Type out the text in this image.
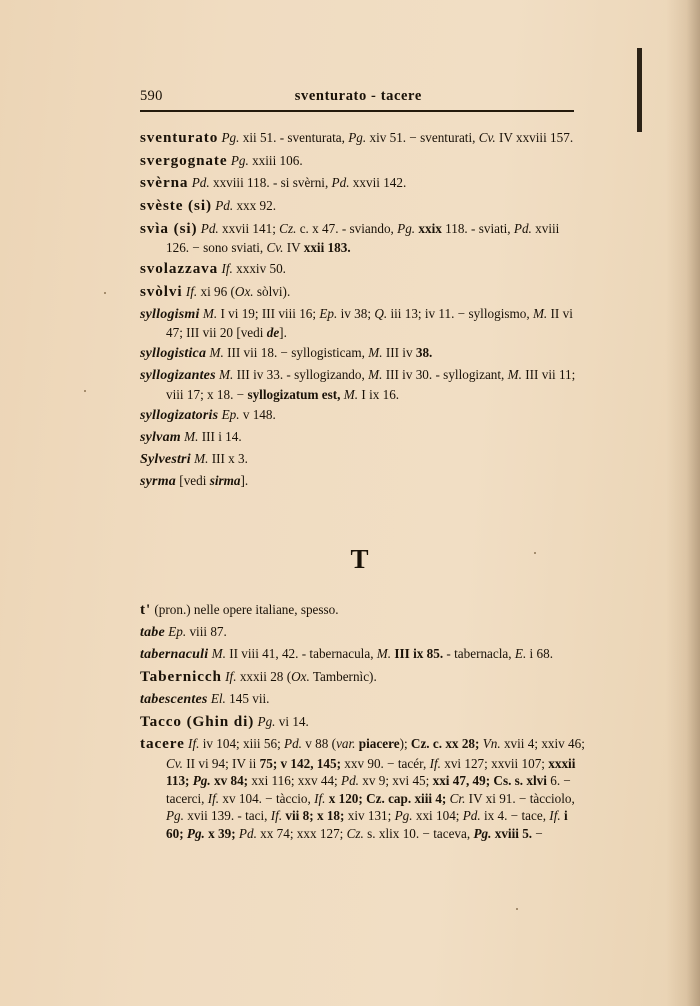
590	sventurato - tacere
sventurato Pg. xii 51. - sventurata, Pg. xiv 51. − sventurati, Cv. IV xxviii 157.
svergognate Pg. xxiii 106.
svèrna Pd. xxviii 118. - si svèrni, Pd. xxvii 142.
svèste (si) Pd. xxx 92.
svìa (si) Pd. xxvii 141; Cz. c. x 47. - sviando, Pg. xxix 118. - sviati, Pd. xviii 126. − sono sviati, Cv. IV xxii 183.
svolazzava If. xxxiv 50.
svòlvi If. xi 96 (Ox. sòlvi).
syllogismi M. I vi 19; III viii 16; Ep. iv 38; Q. iii 13; iv 11. − syllogismo, M. II vi 47; III vii 20 [vedi de].
syllogistica M. III vii 18. − syllogisticam, M. III iv 38.
syllogizantes M. III iv 33. - syllogizando, M. III iv 30. - syllogizant, M. III vii 11; viii 17; x 18. − syllogizatum est, M. I ix 16.
syllogizatoris Ep. v 148.
sylvam M. III i 14.
Sylvestri M. III x 3.
syrma [vedi sirma].
T
t' (pron.) nelle opere italiane, spesso.
tabe Ep. viii 87.
tabernaculi M. II viii 41, 42. - tabernacula, M. III ix 85. - tabernacla, E. i 68.
Tabernicch If. xxxii 28 (Ox. Tambernìc).
tabescentes El. 145 vii.
Tacco (Ghin di) Pg. vi 14.
tacere If. iv 104; xiii 56; Pd. v 88 (var. piacere); Cz. c. xx 28; Vn. xvii 4; xxiv 46; Cv. II vi 94; IV ii 75; v 142, 145; xxv 90. − tacér, If. xvi 127; xxvii 107; xxxii 113; Pg. xv 84; xxi 116; xxv 44; Pd. xv 9; xvi 45; xxi 47, 49; Cs. s. xlvi 6. − tacerci, If. xv 104. − tàccio, If. x 120; Cz. cap. xiii 4; Cr. IV xi 91. − tàcciolo, Pg. xvii 139. - taci, If. vii 8; x 18; xiv 131; Pg. xxi 104; Pd. ix 4. − tace, If. i 60; Pg. x 39; Pd. xx 74; xxx 127; Cz. s. xlix 10. − taceva, Pg. xviii 5. −
